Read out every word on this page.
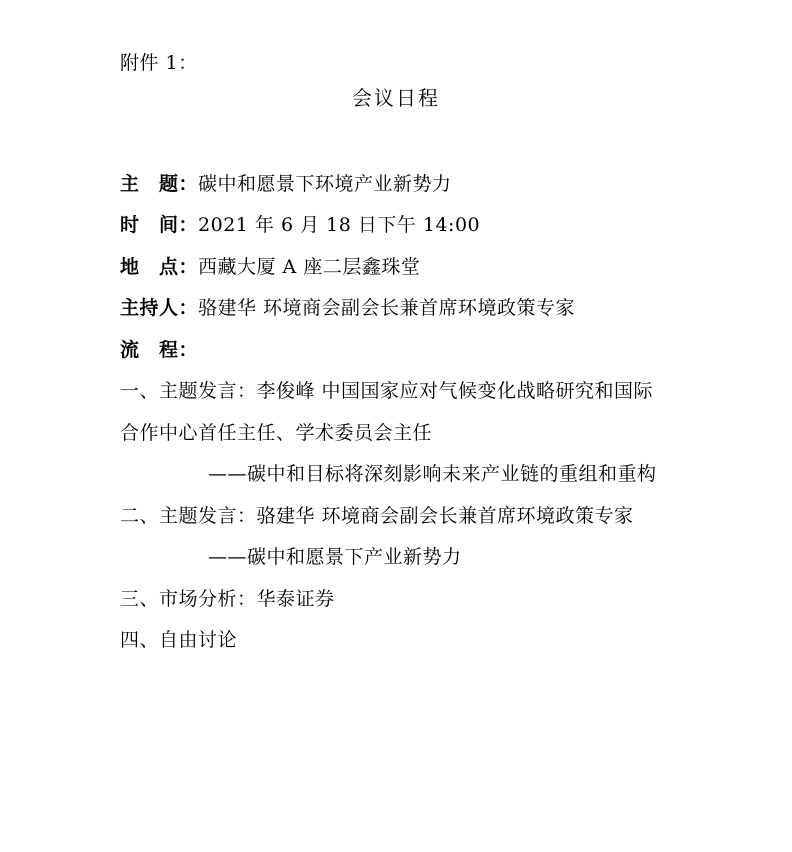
附件 1：
会议日程
主　题：碳中和愿景下环境产业新势力
时　间：2021 年 6 月 18 日下午 14:00
地　点：西藏大厦 A 座二层鑫珠堂
主持人：骆建华 环境商会副会长兼首席环境政策专家
流　程：
一、主题发言：李俊峰 中国国家应对气候变化战略研究和国际
合作中心首任主任、学术委员会主任
——碳中和目标将深刻影响未来产业链的重组和重构
二、主题发言：骆建华 环境商会副会长兼首席环境政策专家
——碳中和愿景下产业新势力
三、市场分析：华泰证券
四、自由讨论
